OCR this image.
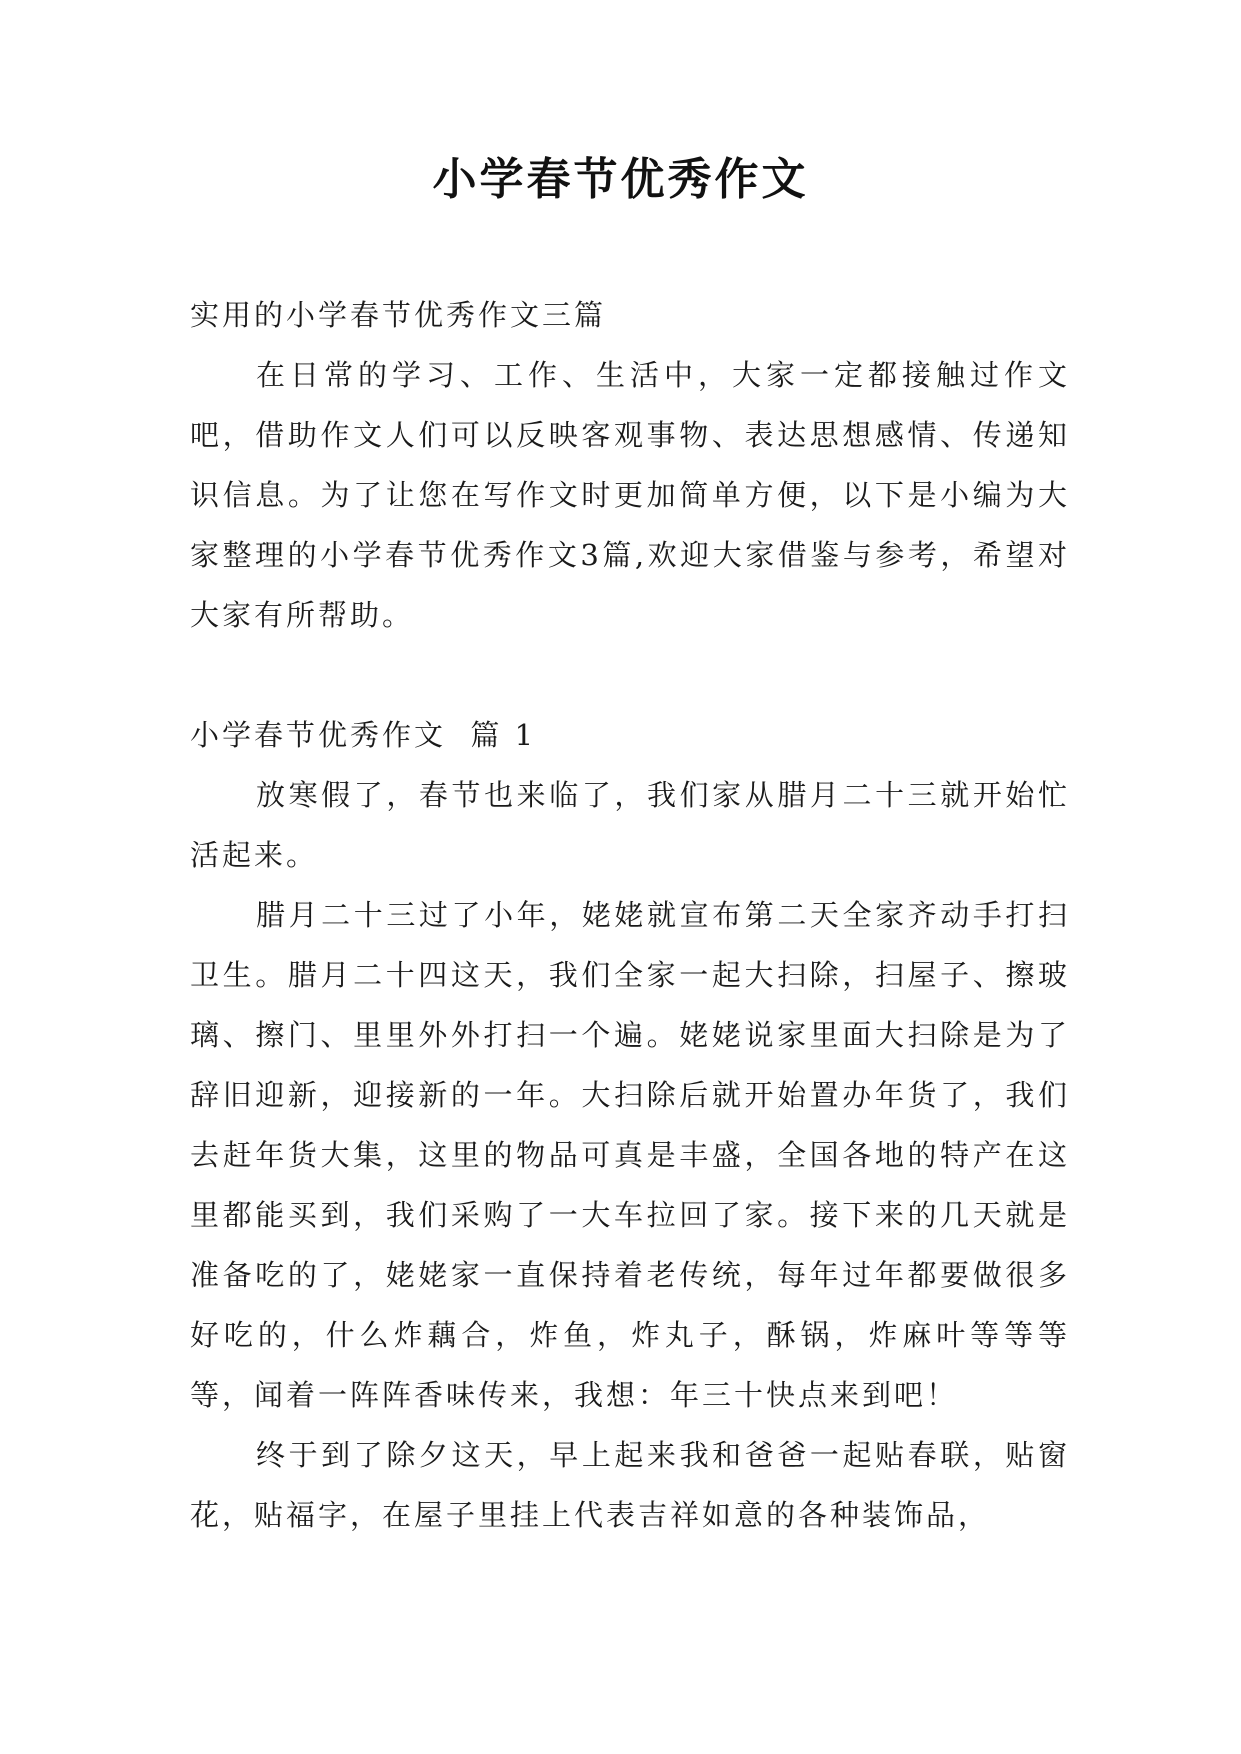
小学春节优秀作文

实用的小学春节优秀作文三篇

在日常的学习、工作、生活中，大家一定都接触过作文吧，借助作文人们可以反映客观事物、表达思想感情、传递知识信息。为了让您在写作文时更加简单方便，以下是小编为大家整理的小学春节优秀作文3篇,欢迎大家借鉴与参考，希望对大家有所帮助。

小学春节优秀作文  篇 1

放寒假了，春节也来临了，我们家从腊月二十三就开始忙活起来。

腊月二十三过了小年，姥姥就宣布第二天全家齐动手打扫卫生。腊月二十四这天，我们全家一起大扫除，扫屋子、擦玻璃、擦门、里里外外打扫一个遍。姥姥说家里面大扫除是为了辞旧迎新，迎接新的一年。大扫除后就开始置办年货了，我们去赶年货大集，这里的物品可真是丰盛，全国各地的特产在这里都能买到，我们采购了一大车拉回了家。接下来的几天就是准备吃的了，姥姥家一直保持着老传统，每年过年都要做很多好吃的，什么炸藕合，炸鱼，炸丸子，酥锅，炸麻叶等等等等，闻着一阵阵香味传来，我想：年三十快点来到吧！

终于到了除夕这天，早上起来我和爸爸一起贴春联，贴窗花，贴福字，在屋子里挂上代表吉祥如意的各种装饰品，
